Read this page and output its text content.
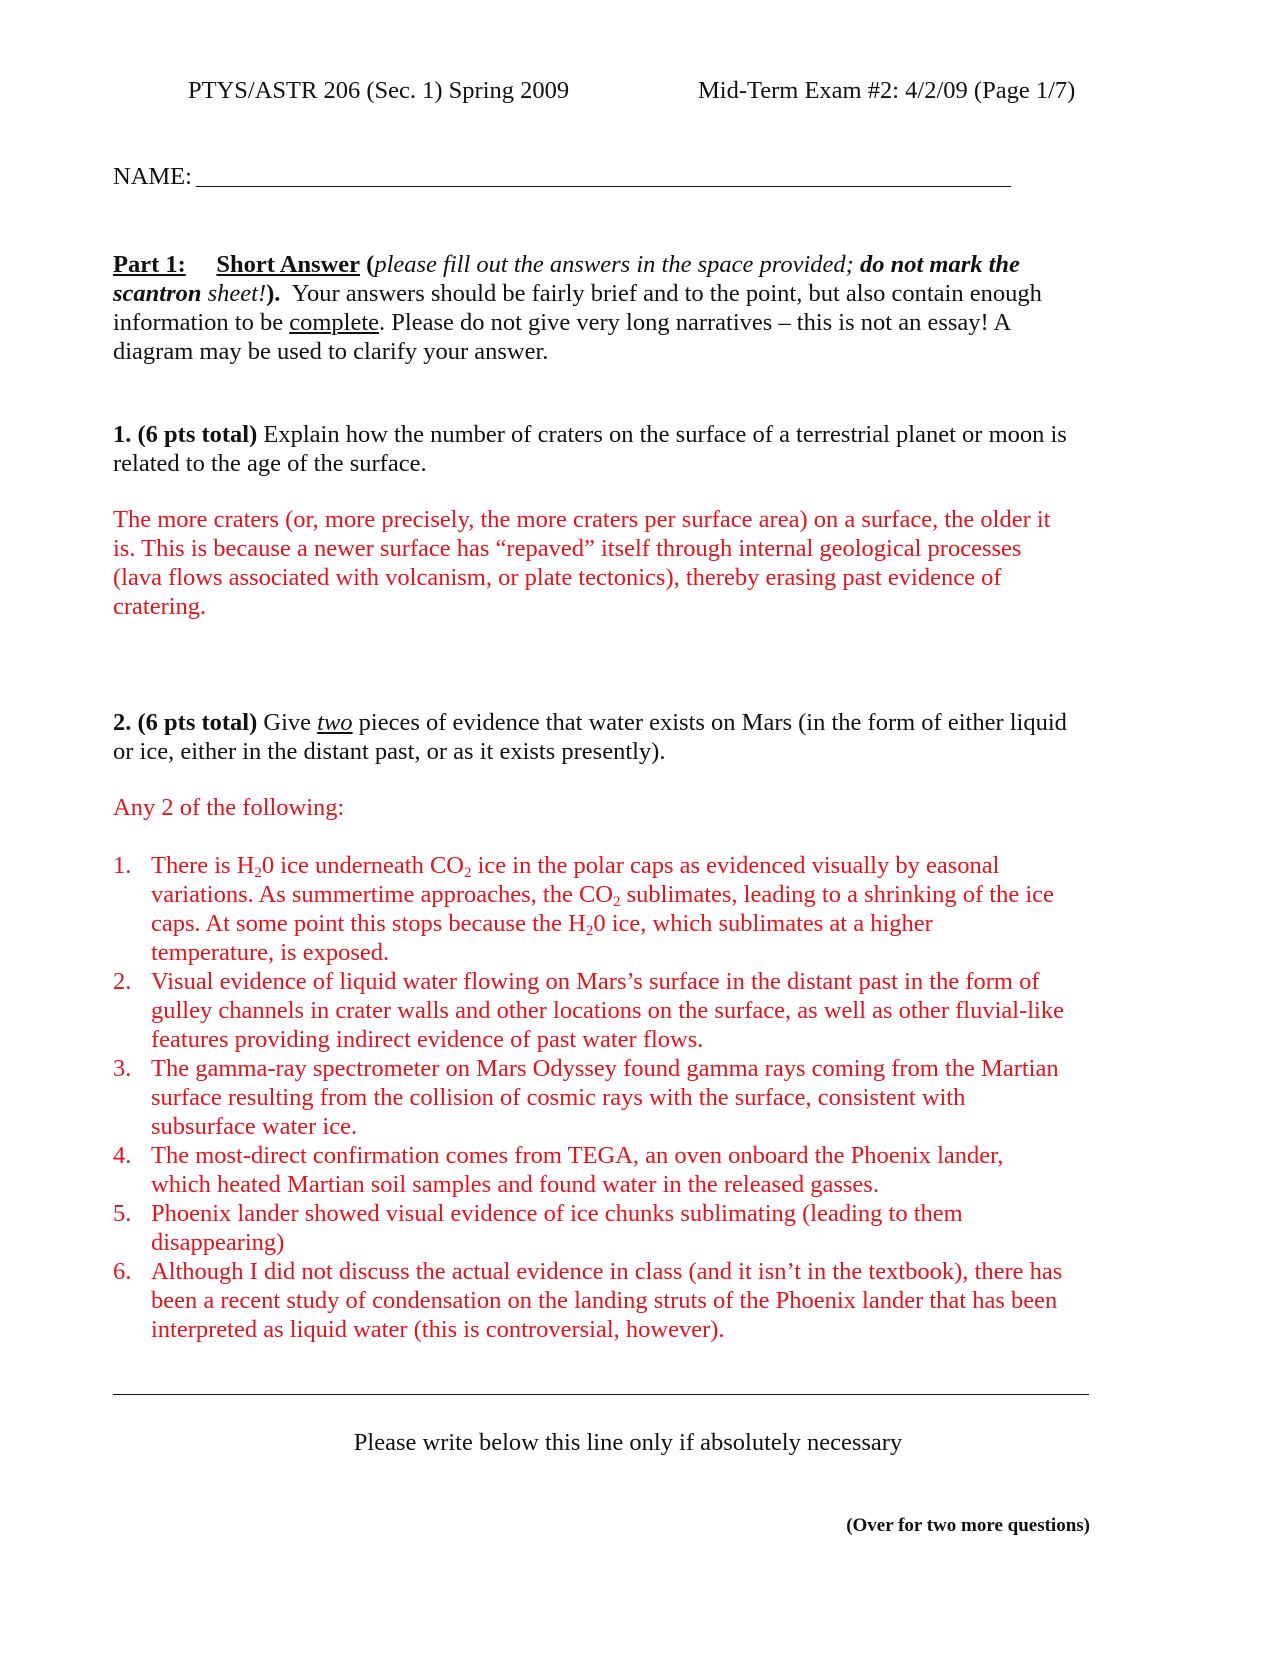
PTYS/ASTR 206 (Sec. 1) Spring 2009	Mid-Term Exam #2: 4/2/09 (Page 1/7)
NAME:
Part 1: Short Answer (please fill out the answers in the space provided; do not mark the
scantron sheet!). Your answers should be fairly brief and to the point, but also contain enough
information to be complete. Please do not give very long narratives – this is not an essay! A
diagram may be used to clarify your answer.
1. (6 pts total) Explain how the number of craters on the surface of a terrestrial planet or moon is
related to the age of the surface.
The more craters (or, more precisely, the more craters per surface area) on a surface, the older it
is. This is because a newer surface has “repaved” itself through internal geological processes
(lava flows associated with volcanism, or plate tectonics), thereby erasing past evidence of
cratering.
2. (6 pts total) Give two pieces of evidence that water exists on Mars (in the form of either liquid
or ice, either in the distant past, or as it exists presently).
Any 2 of the following:
1. There is $H_20$ ice underneath $CO_2$ ice in the polar caps as evidenced visually by easonal
variations. As summertime approaches, the $CO_2$ sublimates, leading to a shrinking of the ice
caps. At some point this stops because the $H_20$ ice, which sublimates at a higher
temperature, is exposed.
2. Visual evidence of liquid water flowing on Mars’s surface in the distant past in the form of
gulley channels in crater walls and other locations on the surface, as well as other fluvial-like
features providing indirect evidence of past water flows.
3. The gamma-ray spectrometer on Mars Odyssey found gamma rays coming from the Martian
surface resulting from the collision of cosmic rays with the surface, consistent with
subsurface water ice.
4. The most-direct confirmation comes from TEGA, an oven onboard the Phoenix lander,
which heated Martian soil samples and found water in the released gasses.
5. Phoenix lander showed visual evidence of ice chunks sublimating (leading to them
disappearing)
6. Although I did not discuss the actual evidence in class (and it isn’t in the textbook), there has
been a recent study of condensation on the landing struts of the Phoenix lander that has been
interpreted as liquid water (this is controversial, however).
Please write below this line only if absolutely necessary
(Over for two more questions)
